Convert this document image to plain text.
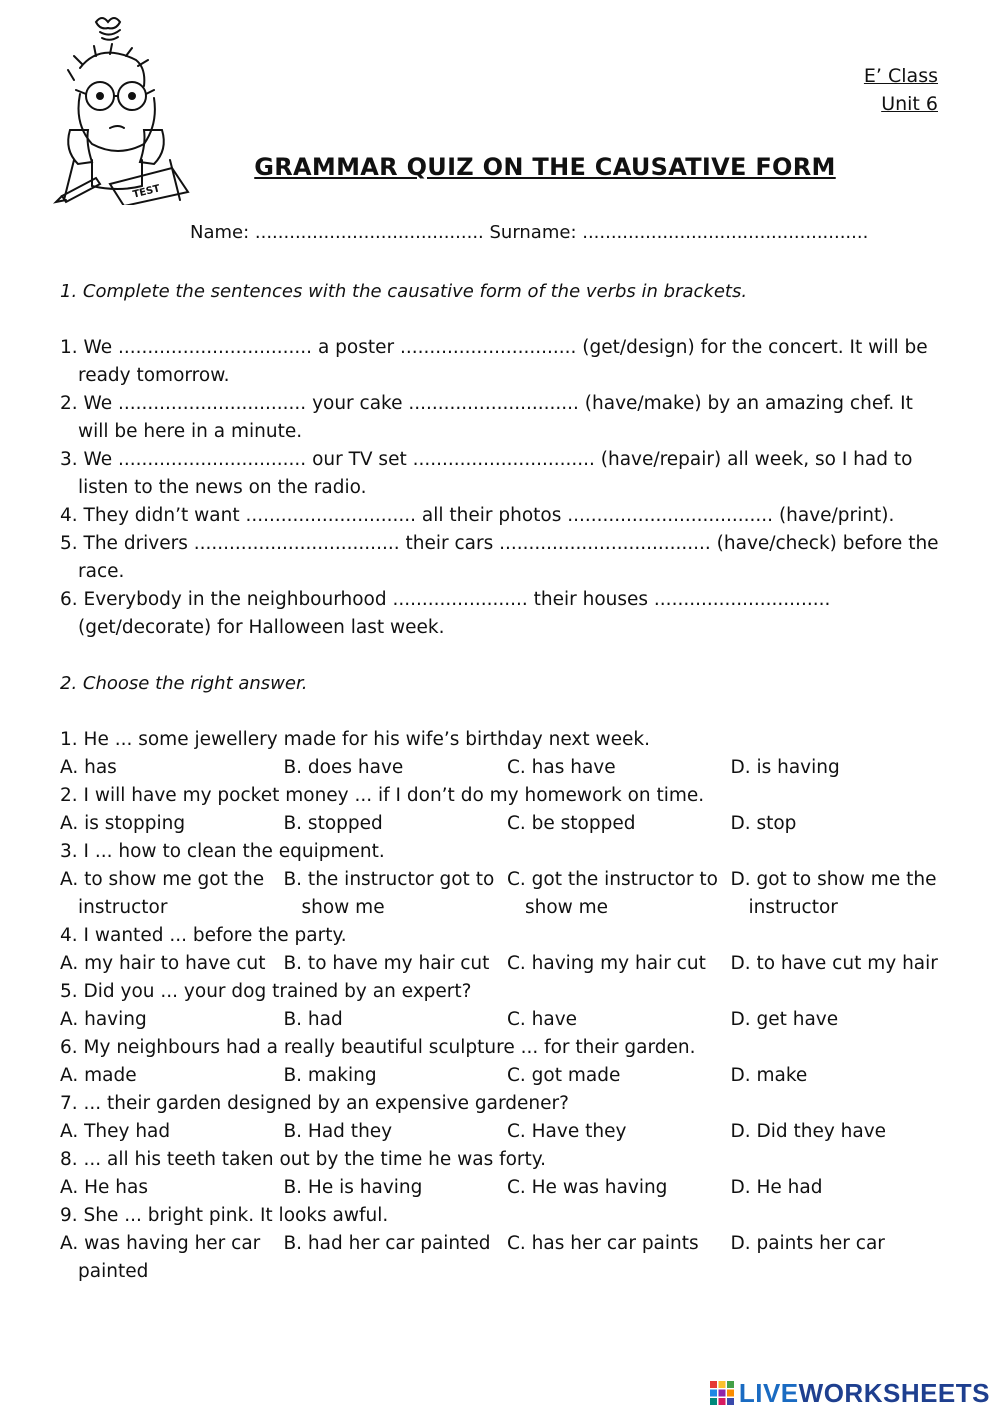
TEST
E’ Class
Unit 6
GRAMMAR QUIZ ON THE CAUSATIVE FORM
Name: ........................................ Surname: ..................................................
1. Complete the sentences with the causative form of the verbs in brackets.
1. We ................................. a poster .............................. (get/design) for the concert. It will be ready tomorrow.
2. We ................................ your cake ............................. (have/make) by an amazing chef. It will be here in a minute.
3. We ................................ our TV set ............................... (have/repair) all week, so I had to listen to the news on the radio.
4. They didn’t want ............................. all their photos ................................... (have/print).
5. The drivers ................................... their cars .................................... (have/check) before the race.
6. Everybody in the neighbourhood ....................... their houses .............................. (get/decorate) for Halloween last week.
2. Choose the right answer.
1. He ... some jewellery made for his wife’s birthday next week.
A. has	B. does have	C. has have	D. is having
2. I will have my pocket money ... if I don’t do my homework on time.
A. is stopping	B. stopped	C. be stopped	D. stop
3. I ... how to clean the equipment.
A. to show me got the instructor
B. the instructor got to show me
C. got the instructor to show me
D. got to show me the instructor
4. I wanted ... before the party.
A. my hair to have cut B. to have my hair cut C. having my hair cut	D. to have cut my hair
5. Did you ... your dog trained by an expert?
A. having	B. had	C. have	D. get have
6. My neighbours had a really beautiful sculpture ... for their garden.
A. made	B. making	C. got made	D. make
7. ... their garden designed by an expensive gardener?
A. They had	B. Had they	C. Have they	D. Did they have
8. ... all his teeth taken out by the time he was forty.
A. He has	B. He is having	C. He was having	D. He had
9. She ... bright pink. It looks awful.
A. was having her car painted
B. had her car painted C. has her car paints	D. paints her car
LIVE WORKSHEETS
